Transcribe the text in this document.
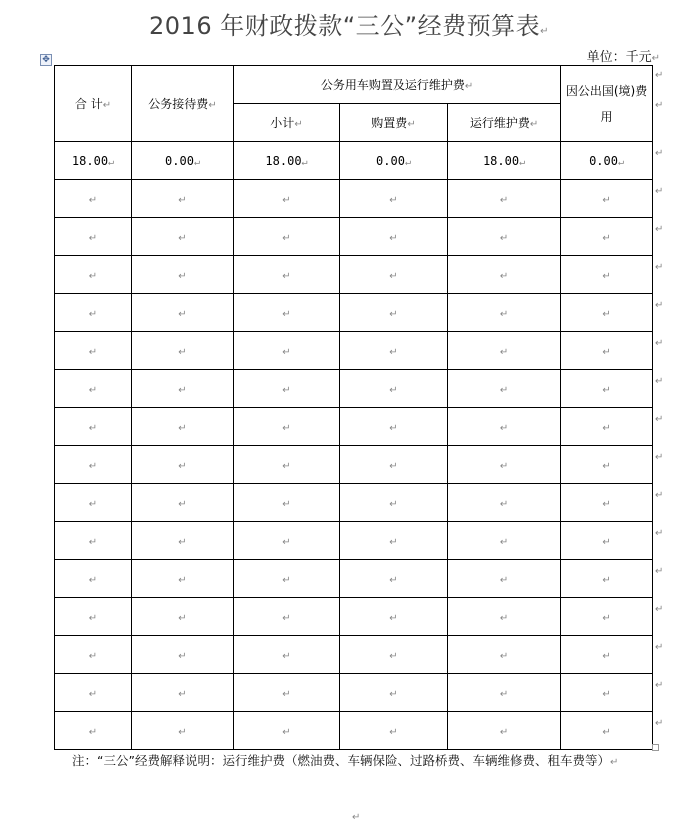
2016 年财政拨款“三公”经费预算表↵
单位：千元↵
✥
合 计↵	公务接待费↵	公务用车购置及运行维护费↵			因公出国(境)费用
		小计↵	购置费↵	运行维护费↵	
18.00↵	0.00↵	18.00↵	0.00↵	18.00↵	0.00↵
↵	↵	↵	↵	↵	↵
↵	↵	↵	↵	↵	↵
↵	↵	↵	↵	↵	↵
↵	↵	↵	↵	↵	↵
↵	↵	↵	↵	↵	↵
↵	↵	↵	↵	↵	↵
↵	↵	↵	↵	↵	↵
↵	↵	↵	↵	↵	↵
↵	↵	↵	↵	↵	↵
↵	↵	↵	↵	↵	↵
↵	↵	↵	↵	↵	↵
↵	↵	↵	↵	↵	↵
↵	↵	↵	↵	↵	↵
↵	↵	↵	↵	↵	↵
↵	↵	↵	↵	↵	↵
↵
↵
↵
↵
↵
↵
↵
↵
↵
↵
↵
↵
↵
↵
↵
↵
↵
↵
注：“三公”经费解释说明：运行维护费（燃油费、车辆保险、过路桥费、车辆维修费、租车费等）↵
↵
